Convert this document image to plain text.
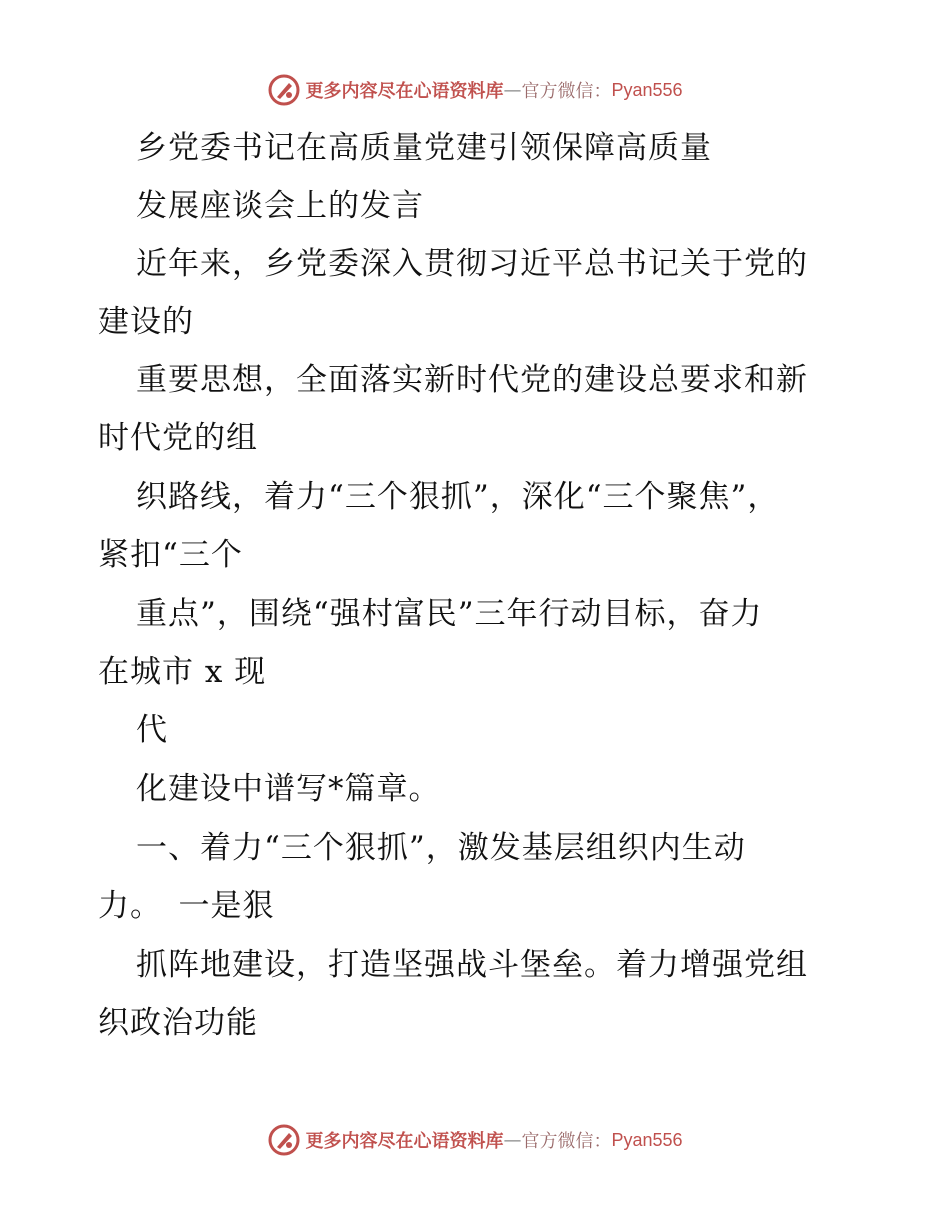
更多内容尽在心语资料库 — 官方微信： Pyan556
乡党委书记在高质量党建引领保障高质量
发展座谈会上的发言
近年来，乡党委深入贯彻习近平总书记关于党的
建设的
重要思想，全面落实新时代党的建设总要求和新
时代党的组
织路线，着力“三个狠抓”，深化“三个聚焦”，
紧扣“三个
重点”，围绕“强村富民”三年行动目标，奋力
在城市 x 现
代
化建设中谱写*篇章。
一、着力“三个狠抓”，激发基层组织内生动
力。　一是狠
抓阵地建设，打造坚强战斗堡垒。着力增强党组
织政治功能
更多内容尽在心语资料库 — 官方微信： Pyan556
